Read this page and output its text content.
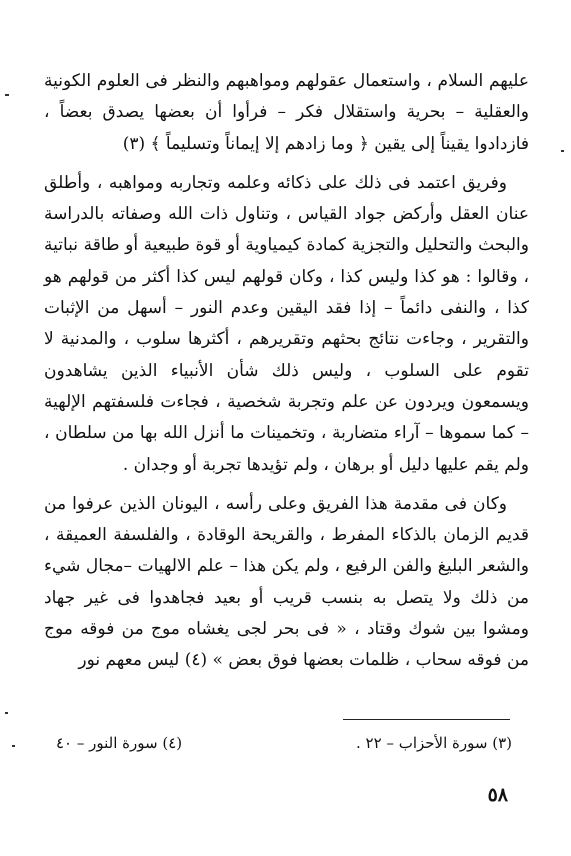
عليهم السلام ، واستعمال عقولهم ومواهبهم والنظر فى العلوم الكونية والعقلية – بحرية واستقلال فكر – فرأوا أن بعضها يصدق بعضاً ، فازدادوا يقيناً إلى يقين ﴿ وما زادهم إلا إيماناً وتسليماً ﴾ (٣)

وفريق اعتمد فى ذلك على ذكائه وعلمه وتجاربه ومواهبه ، وأطلق عنان العقل وأركض جواد القياس ، وتناول ذات الله وصفاته بالدراسة والبحث والتحليل والتجزية كمادة كيمياوية أو قوة طبيعية أو طاقة نباتية ، وقالوا : هو كذا وليس كذا ، وكان قولهم ليس كذا أكثر من قولهم هو كذا ، والنفى دائماً – إذا فقد اليقين وعدم النور – أسهل من الإثبات والتقرير ، وجاءت نتائج بحثهم وتقريرهم ، أكثرها سلوب ، والمدنية لا تقوم على السلوب ، وليس ذلك شأن الأنبياء الذين يشاهدون ويسمعون ويردون عن علم وتجربة شخصية ، فجاءت فلسفتهم الإلهية – كما سموها – آراء متضاربة ، وتخمينات ما أنزل الله بها من سلطان ، ولم يقم عليها دليل أو برهان ، ولم تؤيدها تجربة أو وجدان .

وكان فى مقدمة هذا الفريق وعلى رأسه ، اليونان الذين عرفوا من قديم الزمان بالذكاء المفرط ، والقريحة الوقادة ، والفلسفة العميقة ، والشعر البليغ والفن الرفيع ، ولم يكن هذا – علم الالهيات –مجال شيء من ذلك ولا يتصل به بنسب قريب أو بعيد فجاهدوا فى غير جهاد ومشوا بين شوك وقتاد ، « فى بحر لجى يغشاه موج من فوقه موج من فوقه سحاب ، ظلمات بعضها فوق بعض » (٤) ليس معهم نور

(٣) سورة الأحزاب – ٢٢ .
(٤) سورة النور – ٤٠
٥٨
